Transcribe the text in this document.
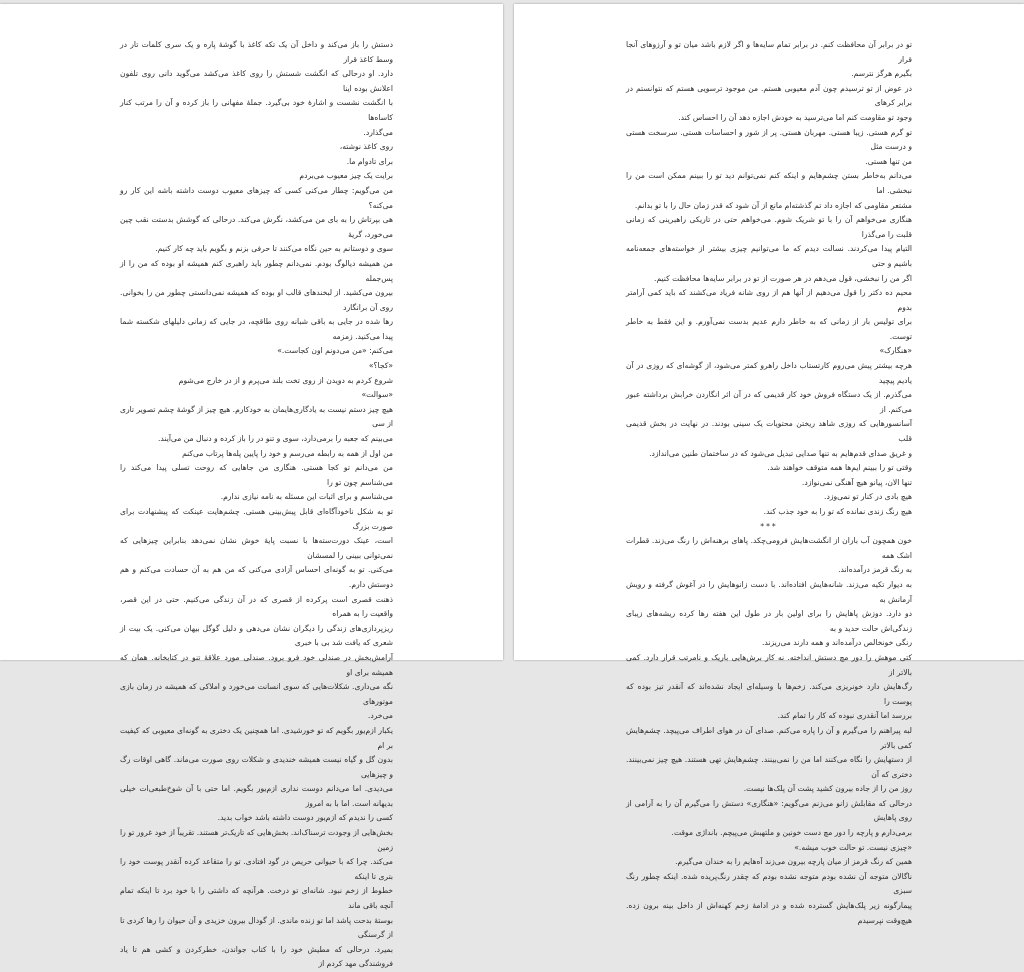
دستش را باز می‌کند و داخل آن یک تکه کاغذ با گوشهٔ پاره و یک سری کلمات تار در وسط کاغذ قرار

دارد. او درحالی که انگشت شستش را روی کاغذ می‌کشد می‌گوید دانی روی تلفون اعلانش بوده اینا

با انگشت نشست و اشارهٔ خود بی‌گیرد. جملهٔ مفهانی را باز کرده و آن را مرتب کنار کاساه‌ها

می‌گذارد.

روی کاغذ نوشته،

برای تادوام ما.

برایت یک چیز معیوب می‌بردم

من می‌گویم: چطار می‌کنی کسی که چیزهای معیوب دوست داشته باشه این کار رو می‌کنه؟

هی بپرتاش را به بای من می‌کشد، نگرش می‌کند. درحالی که گوشش بدستت نقب چین می‌خورد، گریهٔ

سوی و دوستانم به حین نگاه می‌کنند تا حرفی بزنم و بگویم باید چه کار کنیم.

من همیشه دیالوگ بودم. نمی‌دانم چطور باید راهبری کنم همیشه او بوده که من را از پس‌جمله

بیرون می‌کشید. از لبخندهای قالب او بوده که همیشه نمی‌دانستی چطور من را بخوانی. روی آن برانگارد

رها شده در جایی به باقی شبانه روی طاقچه، در جایی که زمانی دلیلهای شکسته شما پیدا می‌کنید. زمزمه

می‌کنم: «من می‌دونم اون کجاست.»

«کجا؟»

شروع کردم به دویدن از روی تخت بلند می‌پرم و از در خارج می‌شوم

«سوالت»

هیچ چیز دستم نیست به یادگاری‌هایمان به خودکارم. هیچ چیز از گوشهٔ چشم تصویر تاری از سی

می‌بینم که جعبه را برمی‌دارد، سوی و تنو در را باز کرده و دنبال من می‌آیند.

من اول از همه به رابطه می‌رسم و خود را پایین پله‌ها پرتاب می‌کنم

من می‌دانم تو کجا هستی. هنگاری من جاهایی که روحت تسلی پیدا می‌کند را می‌شناسم چون تو را

می‌شناسم و برای اثبات این مسئله به نامه نیازی ندارم.

تو به شکل ناخودآگاه‌ای قابل پیش‌بینی هستی. چشم‌هایت عینکت که پیشنهادت برای صورت بزرگ

است، عینک دورت‌سته‌ها با نسبت پایهٔ خوش نشان نمی‌دهد بنابراین چیزهایی که نمی‌توانی ببینی را لمسشان

می‌کنی. تو به گونه‌ای احساس آزادی می‌کنی که من هم به آن حسادت می‌کنم و هم دوستش دارم.

ذهنت قصری است پرکرده از قصری که در آن زندگی می‌کنیم. حتی در این قصر، واقعیت را به همراه

ریزپردازی‌های زندگی را دیگران نشان می‌دهی و دلیل گوگل بیهان می‌کنی. یک بیت از شعری که یافت شد بی با خبری

آرامش‌بخش در صندلی خود فرو برود. صندلی مورد علاقهٔ تنو در کتابخانه. همان که همیشه برای او

نگه می‌داری. شکلات‌هایی که سوی انسانت می‌خورد و املاکی که همیشه در زمان بازی موتورهای

می‌خرد.

یکبار ازم‌یور بگویم که تو خورشیدی. اما همچنین یک دختری به گونه‌ای معیوبی که کیفیت بر ام

بدون گل و گیاه نیست همیشه خندیدی و شکلات روی صورت می‌ماند. گاهی اوقات رگ و چیزهایی

می‌دیدی. اما می‌دانم دوست نداری ازم‌یور بگویم. اما حتی با آن شوخ‌طبعی‌ات خیلی بدیهانه است. اما با به امروز

کسی را ندیدم که ازم‌یور دوست داشته باشد خواب بدید.

بخش‌هایی از وجودت ترسناک‌اند. بخش‌هایی که تاریک‌تر هستند. تقریباً از خود غرور تو را زمین

می‌کند. چرا که با حیوانی حریص در گود افتادی. تو را متقاعد کرده آنقدر پوست خود را بتری تا اینکه

خطوط از زخم نبود. شانه‌ای تو درخت. هرآنچه که داشتی را با خود برد تا اینکه تمام آنچه باقی ماند

بوستهٔ بدحت پاشد اما تو زنده ماندی. از گودال بیرون خزیدی و آن حیوان را رها کردی تا از گرسنگی

بمیرد. درحالی که مطیش خود را با کتاب جواندن، خطرکردن و کشی هم تا یاد فروشندگی مهد کردم از

تو در برابر آن محافظت کنم. در برابر تمام سایه‌ها و اگر لازم باشد میان تو و آرزوهای آنجا قرار

بگیرم هرگز نترسم.

در عوض از تو ترسیدم چون آدم معیوبی هستم. من موجود ترسویی هستم که نتوانستم در برابر کرهای

وجود تو مقاومت کنم اما می‌ترسید به خودش اجازه دهد آن را احساس کند.

تو گرم هستی. زیبا هستی. مهربان هستی. پر از شور و احساسات هستی. سرسخت هستی و درست مثل

من تنها هستی.

می‌دانم به‌خاطر بستن چشم‌هایم و اینکه کنم نمی‌توانم دید تو را ببینم ممکن است من را نبخشی. اما

مشتعر مقاومی که اجازه داد تم گذشته‌ام مانع از آن شود که قدر زمان حال را با تو بدانم.

هنگاری می‌خواهم آن را با تو شریک شوم. می‌خواهم حتی در تاریکی راهبرینی که زمانی قلبت را می‌گذرا

التیام پیدا می‌کردند. نسالت دیدم که ما می‌توانیم چیزی بیشتر از خواسته‌های جمعه‌نامه باشیم و حتی

اگر من را نبخشی، قول می‌دهم در هر صورت از تو در برابر سایه‌ها محافظت کنیم.

محیم ده دکتر را قول می‌دهیم از آنها هم از روی شانه فریاد می‌کشند که باید کمی آرامتر بدوم

برای تولیس بار از زمانی که به خاطر دارم عدیم بدست نمی‌آورم. و این فقط به خاطر توست.

«هنگارک»

هرچه بیشتر پیش می‌روم کارتستاب داخل راهرو کمتر می‌شود، از گوشه‌ای که روزی در آن یادیم پیچید

می‌گذرم. از یک دستگاه فروش خود کار قدیمی که در آن اثر انگاردن خرابش برداشته عبور می‌کنم. از

آسانسورهایی که روزی شاهد ریختن محتویات یک سینی بودند. در نهایت در بخش قدیمی قلب

و غریق صدای قدم‌هایم به تنها صدایی تبدیل می‌شود که در ساختمان طنین می‌اندازد.

وقتی تو را ببینم ایم‌ها همه متوقف خواهند شد.

تنها الان، پیانو هیچ آهنگی نمی‌نوازد.

هیچ بادی در کنار تو نمی‌وزد.

هیچ رنگ زندی نمانده که تو را به خود جذب کند.

***

خون همچون آب باران از انگشت‌هایش فرومی‌چکد. پاهای برهنه‌اش را رنگ می‌زند. قطرات اشک همه

به رنگ قرمز درآمده‌اند.

به دیوار تکیه می‌زند. شانه‌هایش افتاده‌اند. با دست زانوهایش را در آغوش گرفته و رویش آرمانش به

دو دارد. دوزش پاهایش را برای اولین بار در طول این هفته رها کرده ریشه‌های زیبای زندگی‌اش حالت حدید و به

رنگی خونخالص درآمده‌اند و همه دارند می‌ریزند.

کتی موهش را دور مچ دستش انداخته. نه کار برش‌هایی باریک و نامرتب قرار دارد. کمی بالاتر از

رگ‌هایش دارد خونریزی می‌کند. زخم‌ها با وسیله‌ای ایجاد نشده‌اند که آنقدر تیز بوده که پوست را

بررسد اما آنقدری نبوده که کار را تمام کند.

لبه پیراهنم را می‌گیرم و آن را پاره می‌کنم. صدای آن در هوای اطراف می‌پیچد. چشم‌هایش کمی بالاتر

از دستهایش را نگاه می‌کنند اما من را نمی‌بینند. چشم‌هایش تهی هستند. هیچ چیز نمی‌بینند. دختری که آن

روز من را از جاده بیرون کشید پشت آن پلک‌ها نیست.

درحالی که مقابلش زانو می‌زنم می‌گویم: «هنگاری» دستش را می‌گیرم آن را به آرامی از روی پاهایش

برمی‌دارم و پارچه را دور مچ دست خونین و ملتهبش می‌پیچم. بانداژی موقت.

«چیزی نیست. تو حالت خوب میشه.»

همین که رنگ قرمز از میان پارچه بیرون می‌زند آه‌هایم را به خندان می‌گیرم.

ناگالان متوجه آن نشده بودم متوجه نشده بودم که چقدر رنگ‌پریده شده. اینکه چطور رنگ‌ سبزی

پیمارگونه زیر پلک‌هایش گسترده شده و در ادامهٔ زخم کهنه‌اش از داخل بینه برون زده. هیچ‌وقت نپرسیدم
